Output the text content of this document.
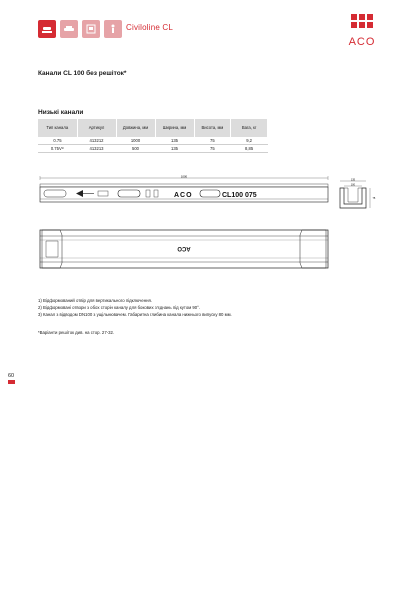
Civiloline CL
ACO
Канали CL 100 без решіток*
Низькі канали
Тип канала	Артикул	Довжина, мм	Ширина, мм	Висота, мм	Вага, кг
0.75	413212	1000	135	75	9,2
0.75V¹⁾	413213	500	135	75	8,85
1000
ACO	CL100 075
135
100
75
ACO
1) Відформований отвір для вертикального підключення.
2) Відформовані отвори з обох сторін каналу для бокових з'єднань під кутом 90°.
3) Канал з відводом DN100 з ущільнювачем. Габаритна глибина канала нижнього випуску 80 мм.
*Варіанти решіток див. на стор. 27-32.
60
